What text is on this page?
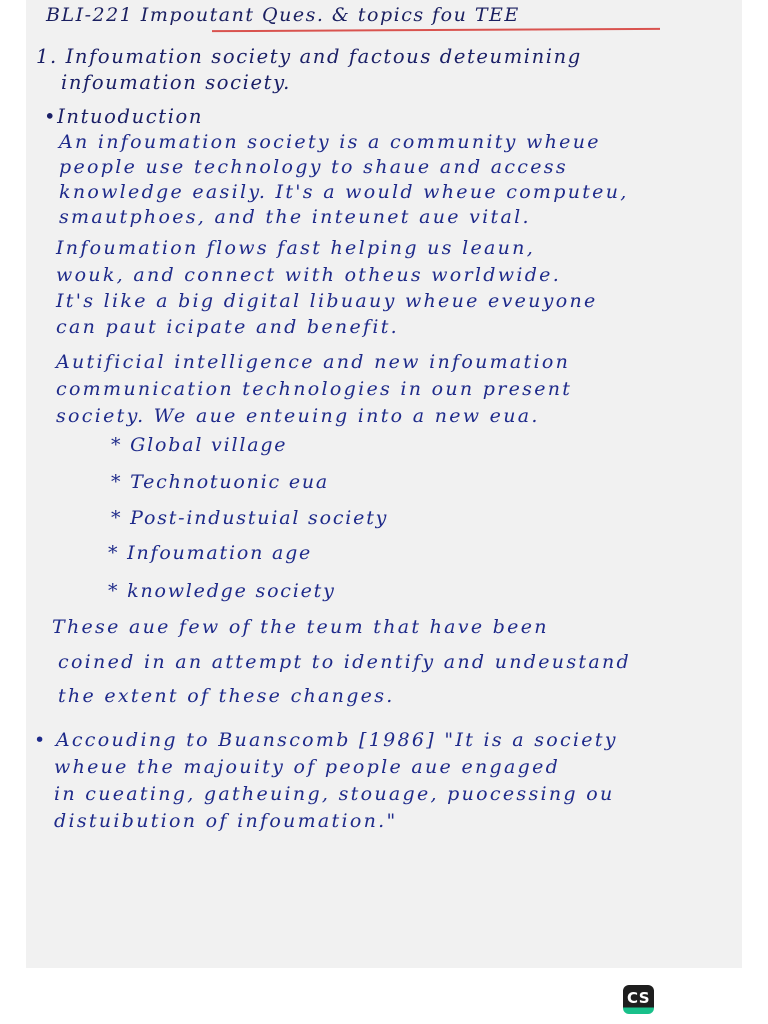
BLI-221 Impoutant Ques. & topics fou TEE
1. Infoumation society and factous deteumining
infoumation society.
•Intuoduction
An infoumation society is a community wheue
people use technology to shaue and access
knowledge easily. It's a would wheue computeu,
smautphoes, and the inteunet aue vital.
Infoumation flows fast helping us leaun,
wouk, and connect with otheus worldwide.
It's like a big digital libuauy wheue eveuyone
can paut icipate and benefit.
Autificial intelligence and new infoumation
communication technologies in oun present
society. We aue enteuing into a new eua.
* Global village
* Technotuonic eua
* Post-industuial society
* Infoumation age
* knowledge society
These aue few of the teum that have been
coined in an attempt to identify and undeustand
the extent of these changes.
• Accouding to Buanscomb [1986] "It is a society
wheue the majouity of people aue engaged
in cueating, gatheuing, stouage, puocessing ou
distuibution of infoumation."
CS
